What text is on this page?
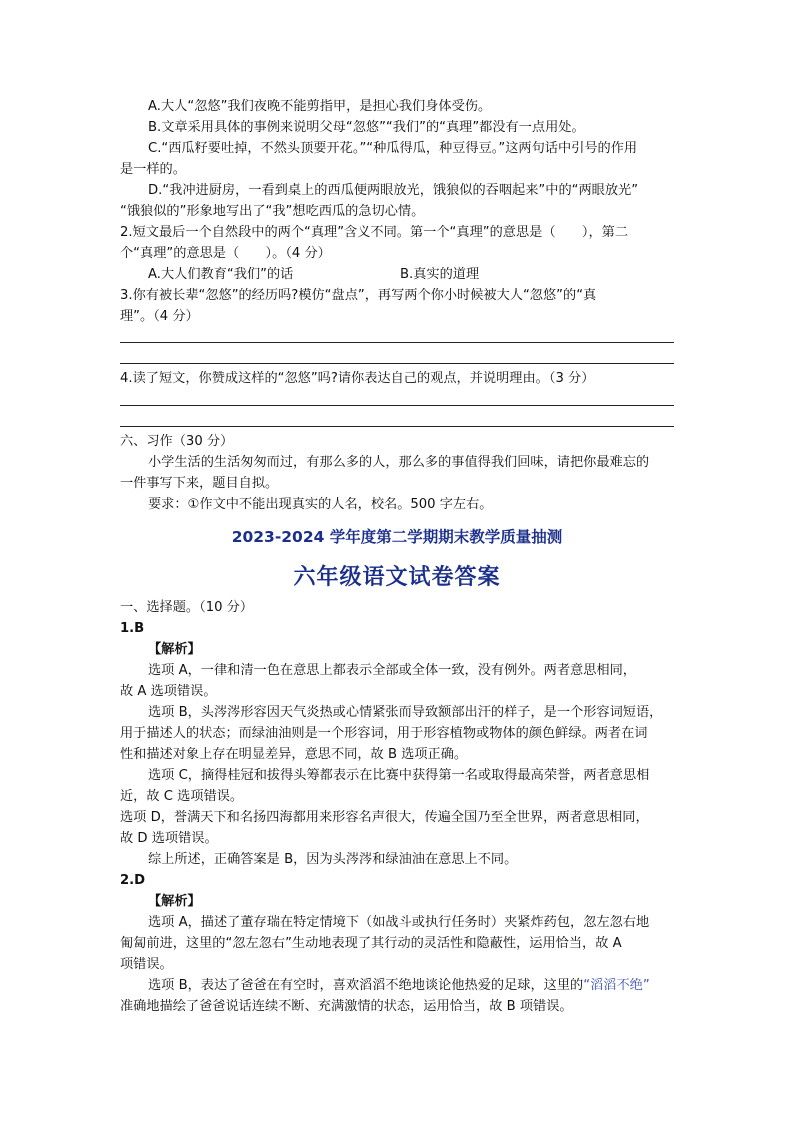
A.大人“忽悠”我们夜晚不能剪指甲，是担心我们身体受伤。
B.文章采用具体的事例来说明父母“忽悠”“我们”的“真理”都没有一点用处。
C.“西瓜籽要吐掉，不然头顶要开花。”“种瓜得瓜，种豆得豆。”这两句话中引号的作用
是一样的。
D.“我冲进厨房，一看到桌上的西瓜便两眼放光，饿狼似的吞咽起来”中的“两眼放光”
“饿狼似的”形象地写出了“我”想吃西瓜的急切心情。
2.短文最后一个自然段中的两个“真理”含义不同。第一个“真理”的意思是（　　），第二
个“真理”的意思是（　　）。（4 分）
A.大人们教育“我们”的话	B.真实的道理
3.你有被长辈“忽悠”的经历吗?模仿“盘点”，再写两个你小时候被大人“忽悠”的“真
理”。（4 分）
4.读了短文，你赞成这样的“忽悠”吗?请你表达自己的观点，并说明理由。（3 分）
六、习作（30 分）
小学生活的生活匆匆而过，有那么多的人，那么多的事值得我们回味，请把你最难忘的
一件事写下来，题目自拟。
要求：①作文中不能出现真实的人名，校名。500 字左右。
2023-2024 学年度第二学期期末教学质量抽测
六年级语文试卷答案
一、选择题。（10 分）
1.B
【解析】
选项 A，一律和清一色在意思上都表示全部或全体一致，没有例外。两者意思相同，
故 A 选项错误。
选项 B，头涔涔形容因天气炎热或心情紧张而导致额部出汗的样子，是一个形容词短语，
用于描述人的状态；而绿油油则是一个形容词，用于形容植物或物体的颜色鲜绿。两者在词
性和描述对象上存在明显差异，意思不同，故 B 选项正确。
选项 C，摘得桂冠和拔得头筹都表示在比赛中获得第一名或取得最高荣誉，两者意思相
近，故 C 选项错误。
选项 D，誉满天下和名扬四海都用来形容名声很大，传遍全国乃至全世界，两者意思相同，
故 D 选项错误。
综上所述，正确答案是 B，因为头涔涔和绿油油在意思上不同。
2.D
【解析】
选项 A，描述了董存瑞在特定情境下（如战斗或执行任务时）夹紧炸药包，忽左忽右地
匍匐前进，这里的“忽左忽右”生动地表现了其行动的灵活性和隐蔽性，运用恰当，故 A
项错误。
选项 B，表达了爸爸在有空时，喜欢滔滔不绝地谈论他热爱的足球，这里的“滔滔不绝”
准确地描绘了爸爸说话连续不断、充满激情的状态，运用恰当，故 B 项错误。
